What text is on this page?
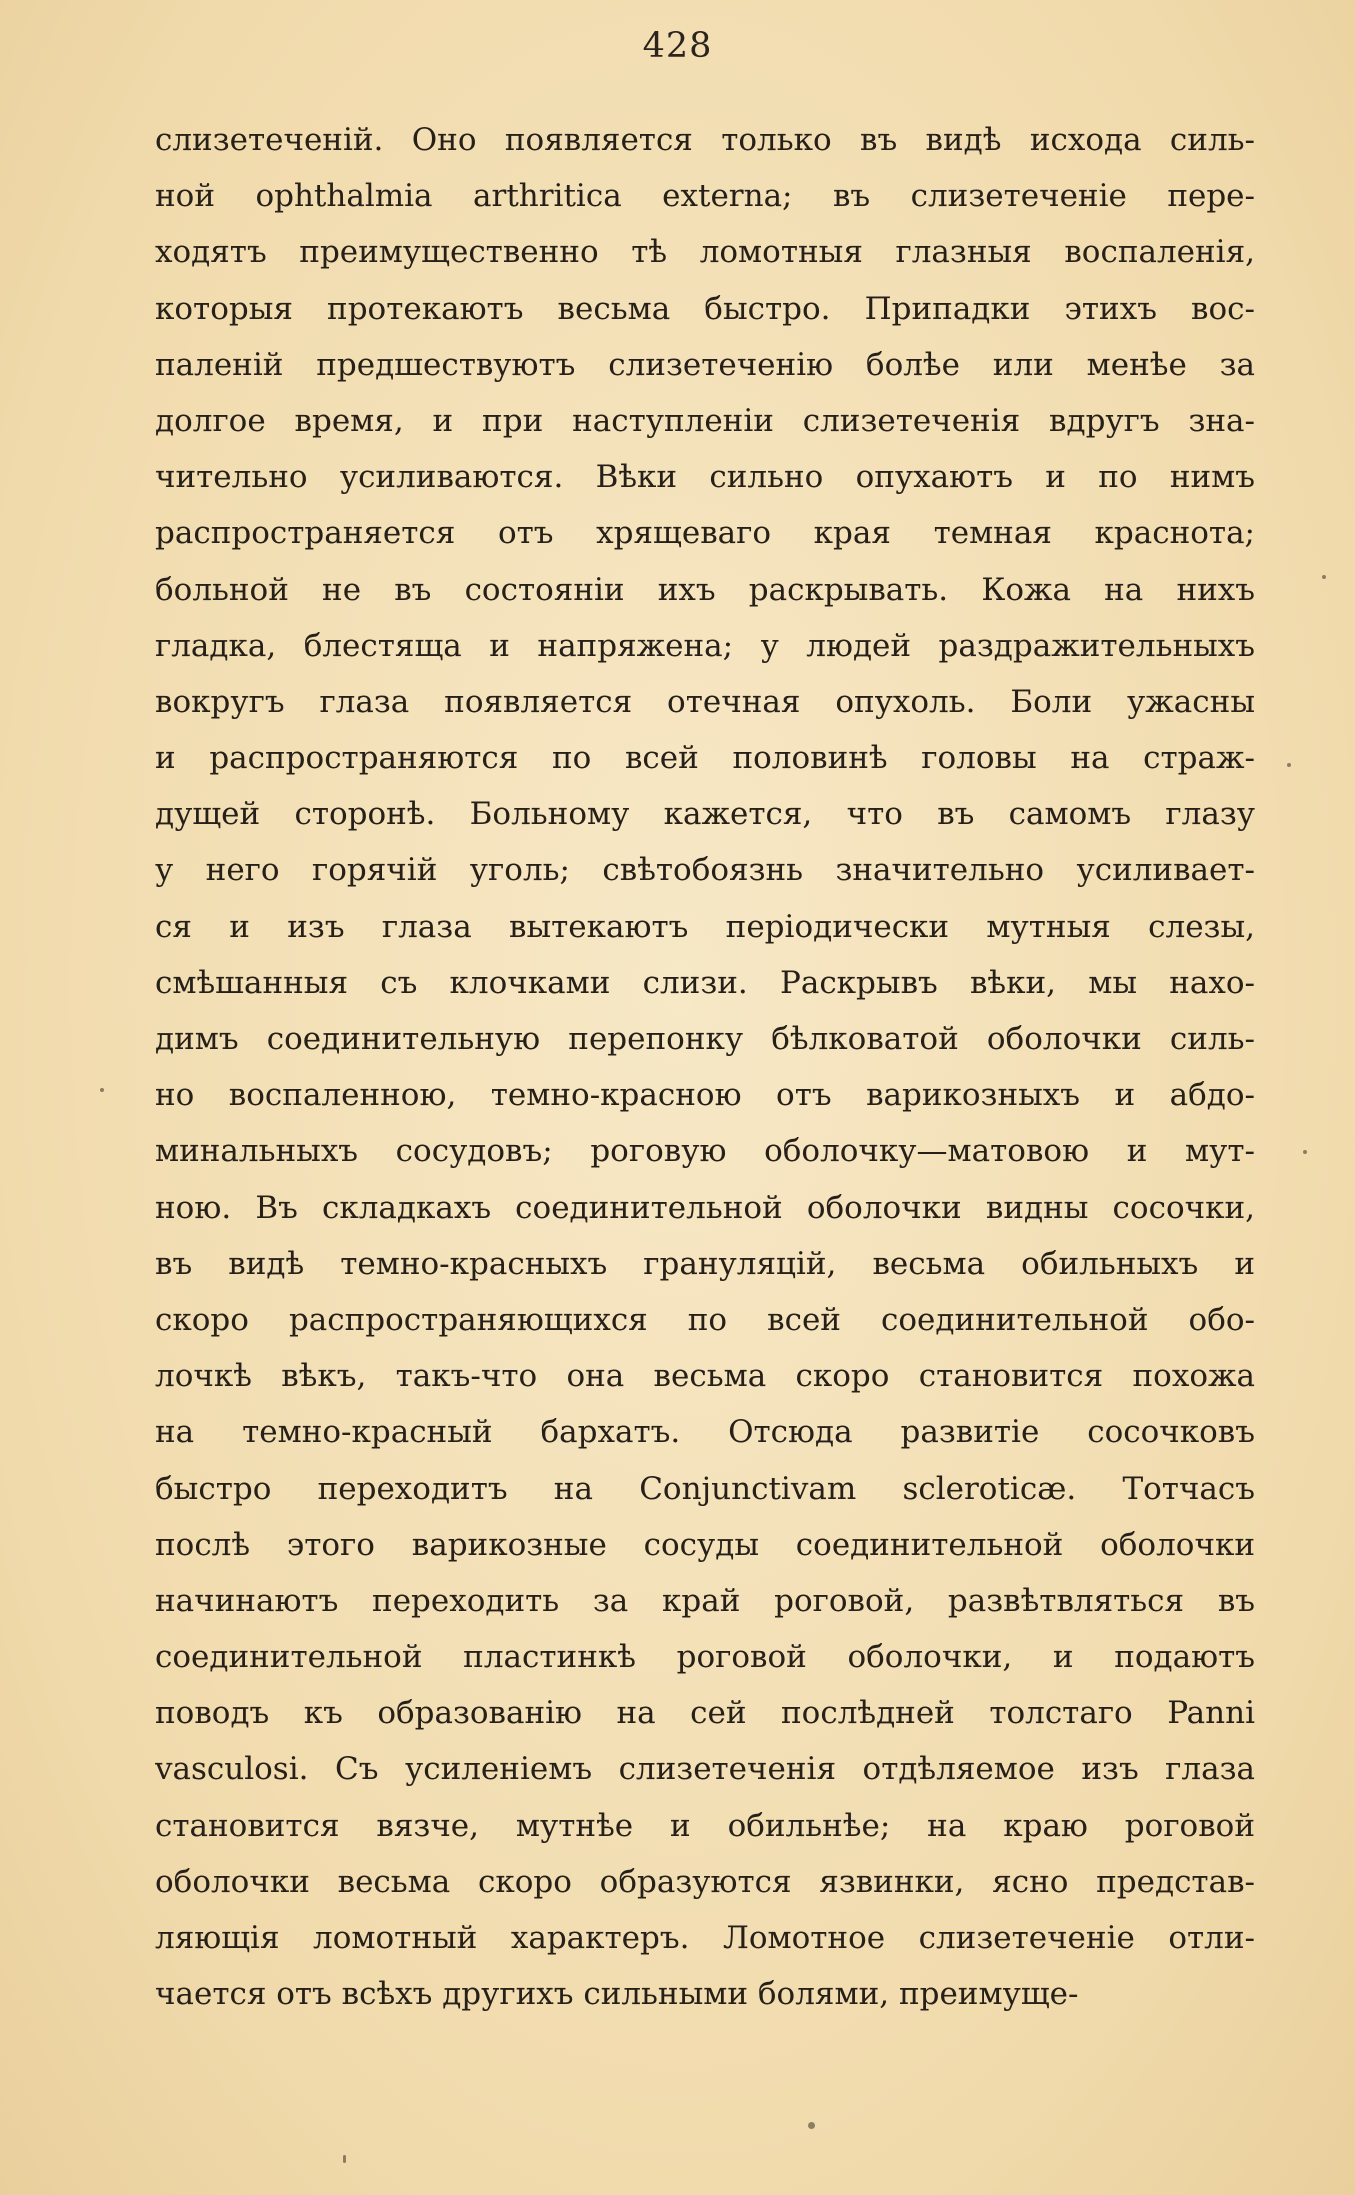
428
слизетеченій. Оно появляется только въ видѣ исхода силь-
ной ophthalmia arthritica externa; въ слизетеченіе пере-
ходятъ преимущественно тѣ ломотныя глазныя воспаленія,
которыя протекаютъ весьма быстро. Припадки этихъ вос-
паленій предшествуютъ слизетеченію болѣе или менѣе за
долгое время, и при наступленіи слизетеченія вдругъ зна-
чительно усиливаются. Вѣки сильно опухаютъ и по нимъ
распространяется отъ хрящеваго края темная краснота;
больной не въ состояніи ихъ раскрывать. Кожа на нихъ
гладка, блестяща и напряжена; у людей раздражительныхъ
вокругъ глаза появляется отечная опухоль. Боли ужасны
и распространяются по всей половинѣ головы на страж-
дущей сторонѣ. Больному кажется, что въ самомъ глазу
у него горячій уголь; свѣтобоязнь значительно усиливает-
ся и изъ глаза вытекаютъ періодически мутныя слезы,
смѣшанныя съ клочками слизи. Раскрывъ вѣки, мы нахо-
димъ соединительную перепонку бѣлковатой оболочки силь-
но воспаленною, темно-красною отъ варикозныхъ и абдо-
минальныхъ сосудовъ; роговую оболочку—матовою и мут-
ною. Въ складкахъ соединительной оболочки видны сосочки,
въ видѣ темно-красныхъ грануляцій, весьма обильныхъ и
скоро распространяющихся по всей соединительной обо-
лочкѣ вѣкъ, такъ-что она весьма скоро становится похожа
на темно-красный бархатъ. Отсюда развитіе сосочковъ
быстро переходитъ на Conjunctivam scleroticæ. Тотчасъ
послѣ этого варикозные сосуды соединительной оболочки
начинаютъ переходить за край роговой, развѣтвляться въ
соединительной пластинкѣ роговой оболочки, и подаютъ
поводъ къ образованію на сей послѣдней толстаго Panni
vasculosi. Съ усиленіемъ слизетеченія отдѣляемое изъ глаза
становится вязче, мутнѣе и обильнѣе; на краю роговой
оболочки весьма скоро образуются язвинки, ясно представ-
ляющія ломотный характеръ. Ломотное слизетеченіе отли-
чается отъ всѣхъ другихъ сильными болями, преимуще-
